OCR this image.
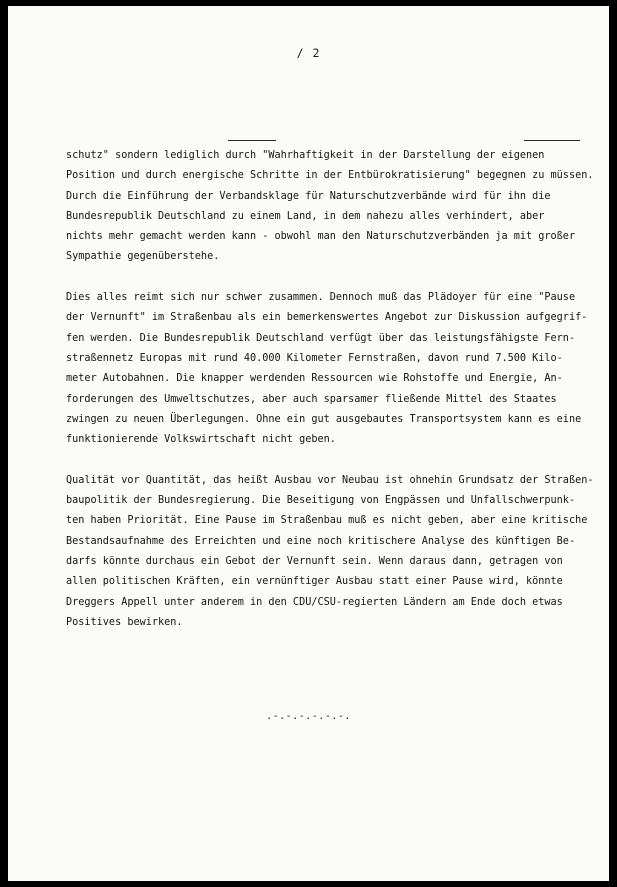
/ 2
schutz" sondern lediglich durch "Wahrhaftigkeit in der Darstellung der eigenen
Position und durch energische Schritte in der Entbürokratisierung" begegnen zu müssen.
Durch die Einführung der Verbandsklage für Naturschutzverbände wird für ihn die
Bundesrepublik Deutschland zu einem Land, in dem nahezu alles verhindert, aber
nichts mehr gemacht werden kann - obwohl man den Naturschutzverbänden ja mit großer
Sympathie gegenüberstehe.
Dies alles reimt sich nur schwer zusammen. Dennoch muß das Plädoyer für eine "Pause
der Vernunft" im Straßenbau als ein bemerkenswertes Angebot zur Diskussion aufgegrif-
fen werden. Die Bundesrepublik Deutschland verfügt über das leistungsfähigste Fern-
straßennetz Europas mit rund 40.000 Kilometer Fernstraßen, davon rund 7.500 Kilo-
meter Autobahnen. Die knapper werdenden Ressourcen wie Rohstoffe und Energie, An-
forderungen des Umweltschutzes, aber auch sparsamer fließende Mittel des Staates
zwingen zu neuen Überlegungen. Ohne ein gut ausgebautes Transportsystem kann es eine
funktionierende Volkswirtschaft nicht geben.
Qualität vor Quantität, das heißt Ausbau vor Neubau ist ohnehin Grundsatz der Straßen-
baupolitik der Bundesregierung. Die Beseitigung von Engpässen und Unfallschwerpunk-
ten haben Priorität. Eine Pause im Straßenbau muß es nicht geben, aber eine kritische
Bestandsaufnahme des Erreichten und eine noch kritischere Analyse des künftigen Be-
darfs könnte durchaus ein Gebot der Vernunft sein. Wenn daraus dann, getragen von
allen politischen Kräften, ein vernünftiger Ausbau statt einer Pause wird, könnte
Dreggers Appell unter anderem in den CDU/CSU-regierten Ländern am Ende doch etwas
Positives bewirken.
.-.-.-.-.-.-.
